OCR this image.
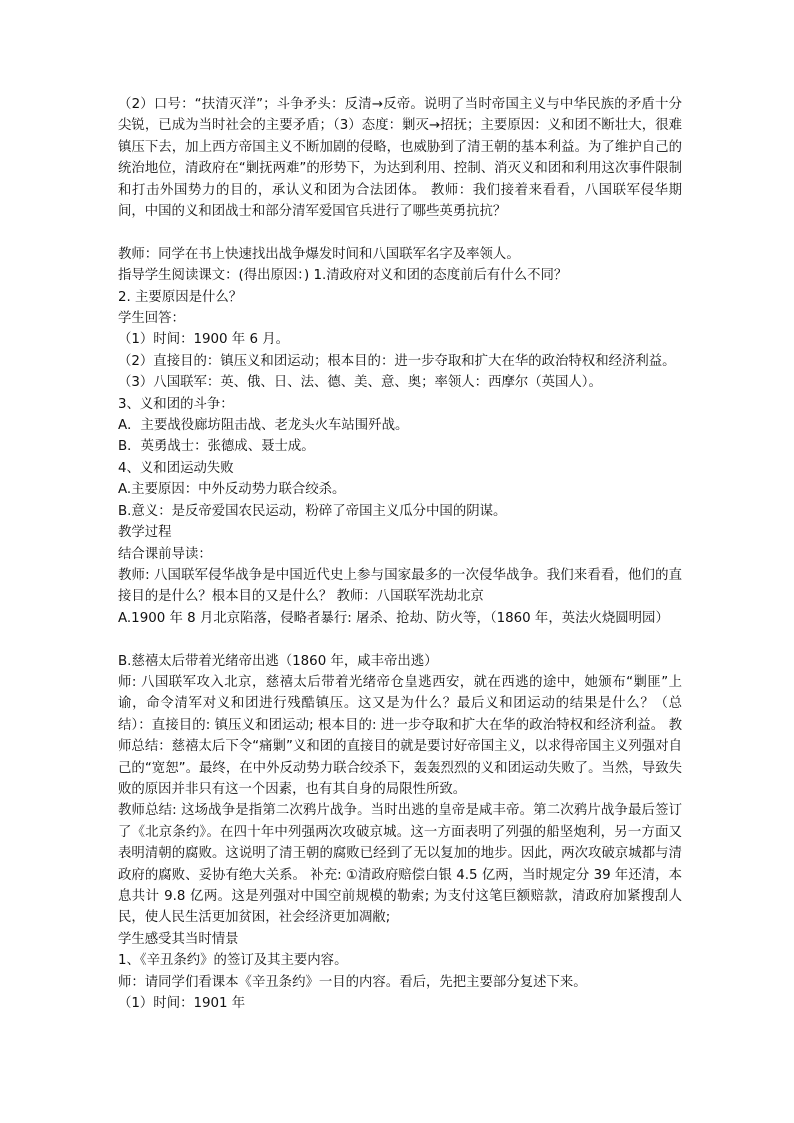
（2）口号：“扶清灭洋”；斗争矛头：反清→反帝。说明了当时帝国主义与中华民族的矛盾十分尖锐，已成为当时社会的主要矛盾；（3）态度：剿灭→招抚；主要原因：义和团不断壮大，很难镇压下去，加上西方帝国主义不断加剧的侵略，也威胁到了清王朝的基本利益。为了维护自己的统治地位，清政府在“剿抚两难”的形势下，为达到利用、控制、消灭义和团和利用这次事件限制和打击外国势力的目的，承认义和团为合法团体。 教师：我们接着来看看，八国联军侵华期间，中国的义和团战士和部分清军爱国官兵进行了哪些英勇抗抗？

教师：同学在书上快速找出战争爆发时间和八国联军名字及率领人。

指导学生阅读课文：(得出原因：) 1.清政府对义和团的态度前后有什么不同？

2. 主要原因是什么？

学生回答：

（1）时间：1900 年 6 月。

（2）直接目的：镇压义和团运动；根本目的：进一步夺取和扩大在华的政治特权和经济利益。

（3）八国联军：英、俄、日、法、德、美、意、奥；率领人：西摩尔（英国人）。

3、义和团的斗争：

A．主要战役廊坊阻击战、老龙头火车站围歼战。

B．英勇战士：张德成、聂士成。

4、义和团运动失败

A.主要原因：中外反动势力联合绞杀。

B.意义：是反帝爱国农民运动，粉碎了帝国主义瓜分中国的阴谋。

教学过程

结合课前导读：

教师: 八国联军侵华战争是中国近代史上参与国家最多的一次侵华战争。我们来看看，他们的直接目的是什么？根本目的又是什么？ 教师：八国联军洗劫北京

A.1900 年 8 月北京陷落，侵略者暴行: 屠杀、抢劫、防火等，（1860 年，英法火烧圆明园）

B.慈禧太后带着光绪帝出逃（1860 年，咸丰帝出逃）

师: 八国联军攻入北京，慈禧太后带着光绪帝仓皇逃西安，就在西逃的途中，她颁布“剿匪”上谕，命令清军对义和团进行残酷镇压。这又是为什么？最后义和团运动的结果是什么？（总结）：直接目的: 镇压义和团运动; 根本目的: 进一步夺取和扩大在华的政治特权和经济利益。 教师总结：慈禧太后下令“痛剿”义和团的直接目的就是要讨好帝国主义，以求得帝国主义列强对自己的“宽恕”。最终，在中外反动势力联合绞杀下，轰轰烈烈的义和团运动失败了。当然，导致失败的原因并非只有这一个因素，也有其自身的局限性所致。

教师总结: 这场战争是指第二次鸦片战争。当时出逃的皇帝是咸丰帝。第二次鸦片战争最后签订了《北京条约》。在四十年中列强两次攻破京城。这一方面表明了列强的船坚炮利，另一方面又表明清朝的腐败。这说明了清王朝的腐败已经到了无以复加的地步。因此，两次攻破京城都与清政府的腐败、妥协有绝大关系。 补充: ①清政府赔偿白银 4.5 亿两，当时规定分 39 年还清，本息共计 9.8 亿两。这是列强对中国空前规模的勒索; 为支付这笔巨额赔款，清政府加紧搜刮人民，使人民生活更加贫困，社会经济更加凋敝;

学生感受其当时情景

1、《辛丑条约》的签订及其主要内容。

师：请同学们看课本《辛丑条约》一目的内容。看后，先把主要部分复述下来。

（1）时间：1901 年
